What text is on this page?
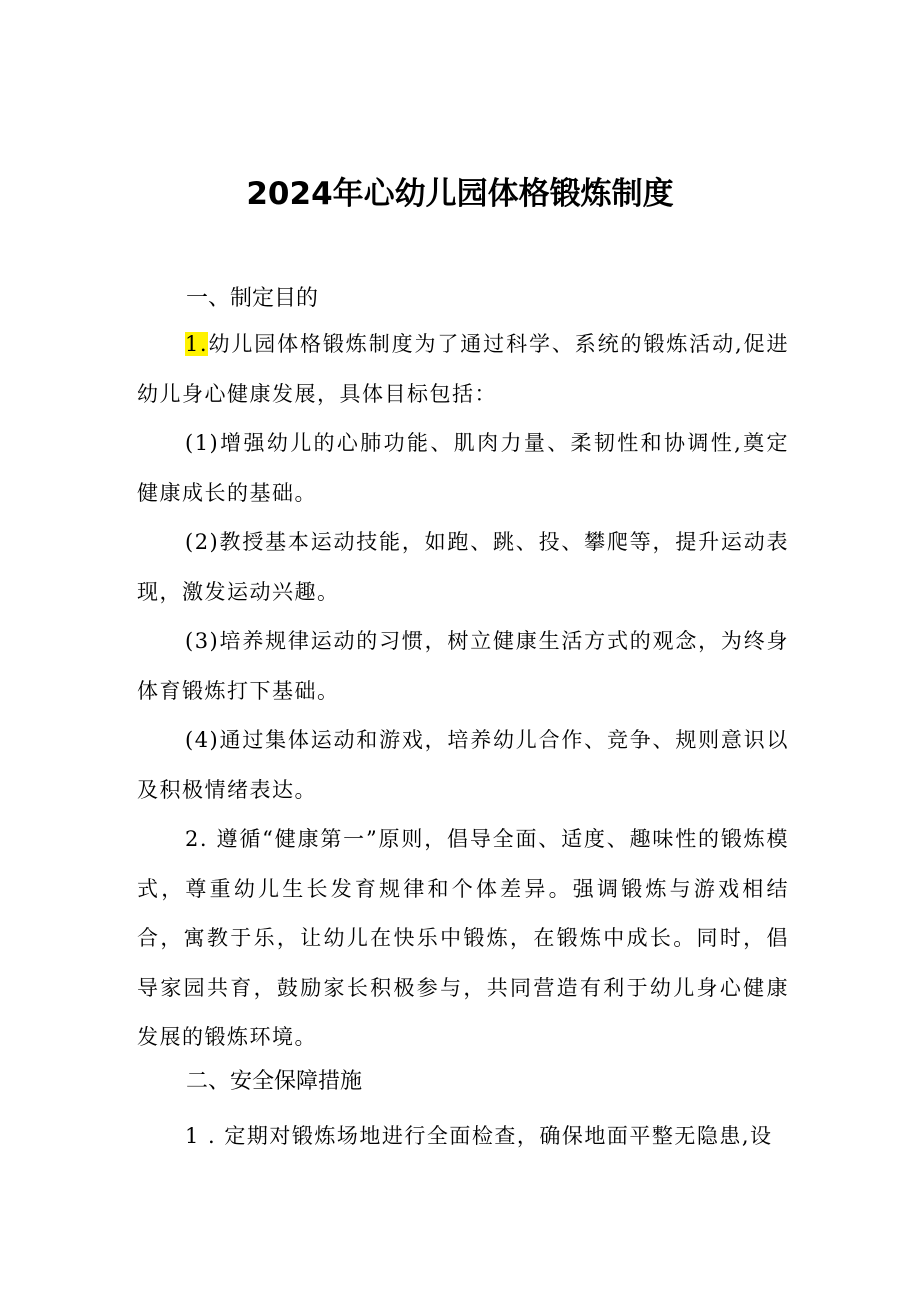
2024年心幼儿园体格锻炼制度
一、制定目的
1.幼儿园体格锻炼制度为了通过科学、系统的锻炼活动,促进幼儿身心健康发展，具体目标包括：
(1)增强幼儿的心肺功能、肌肉力量、柔韧性和协调性,奠定健康成长的基础。
(2)教授基本运动技能，如跑、跳、投、攀爬等，提升运动表现，激发运动兴趣。
(3)培养规律运动的习惯，树立健康生活方式的观念，为终身体育锻炼打下基础。
(4)通过集体运动和游戏，培养幼儿合作、竞争、规则意识以及积极情绪表达。
2. 遵循“健康第一”原则，倡导全面、适度、趣味性的锻炼模式，尊重幼儿生长发育规律和个体差异。强调锻炼与游戏相结合，寓教于乐，让幼儿在快乐中锻炼，在锻炼中成长。同时，倡导家园共育，鼓励家长积极参与，共同营造有利于幼儿身心健康发展的锻炼环境。
二、安全保障措施
1 . 定期对锻炼场地进行全面检查，确保地面平整无隐患,设
